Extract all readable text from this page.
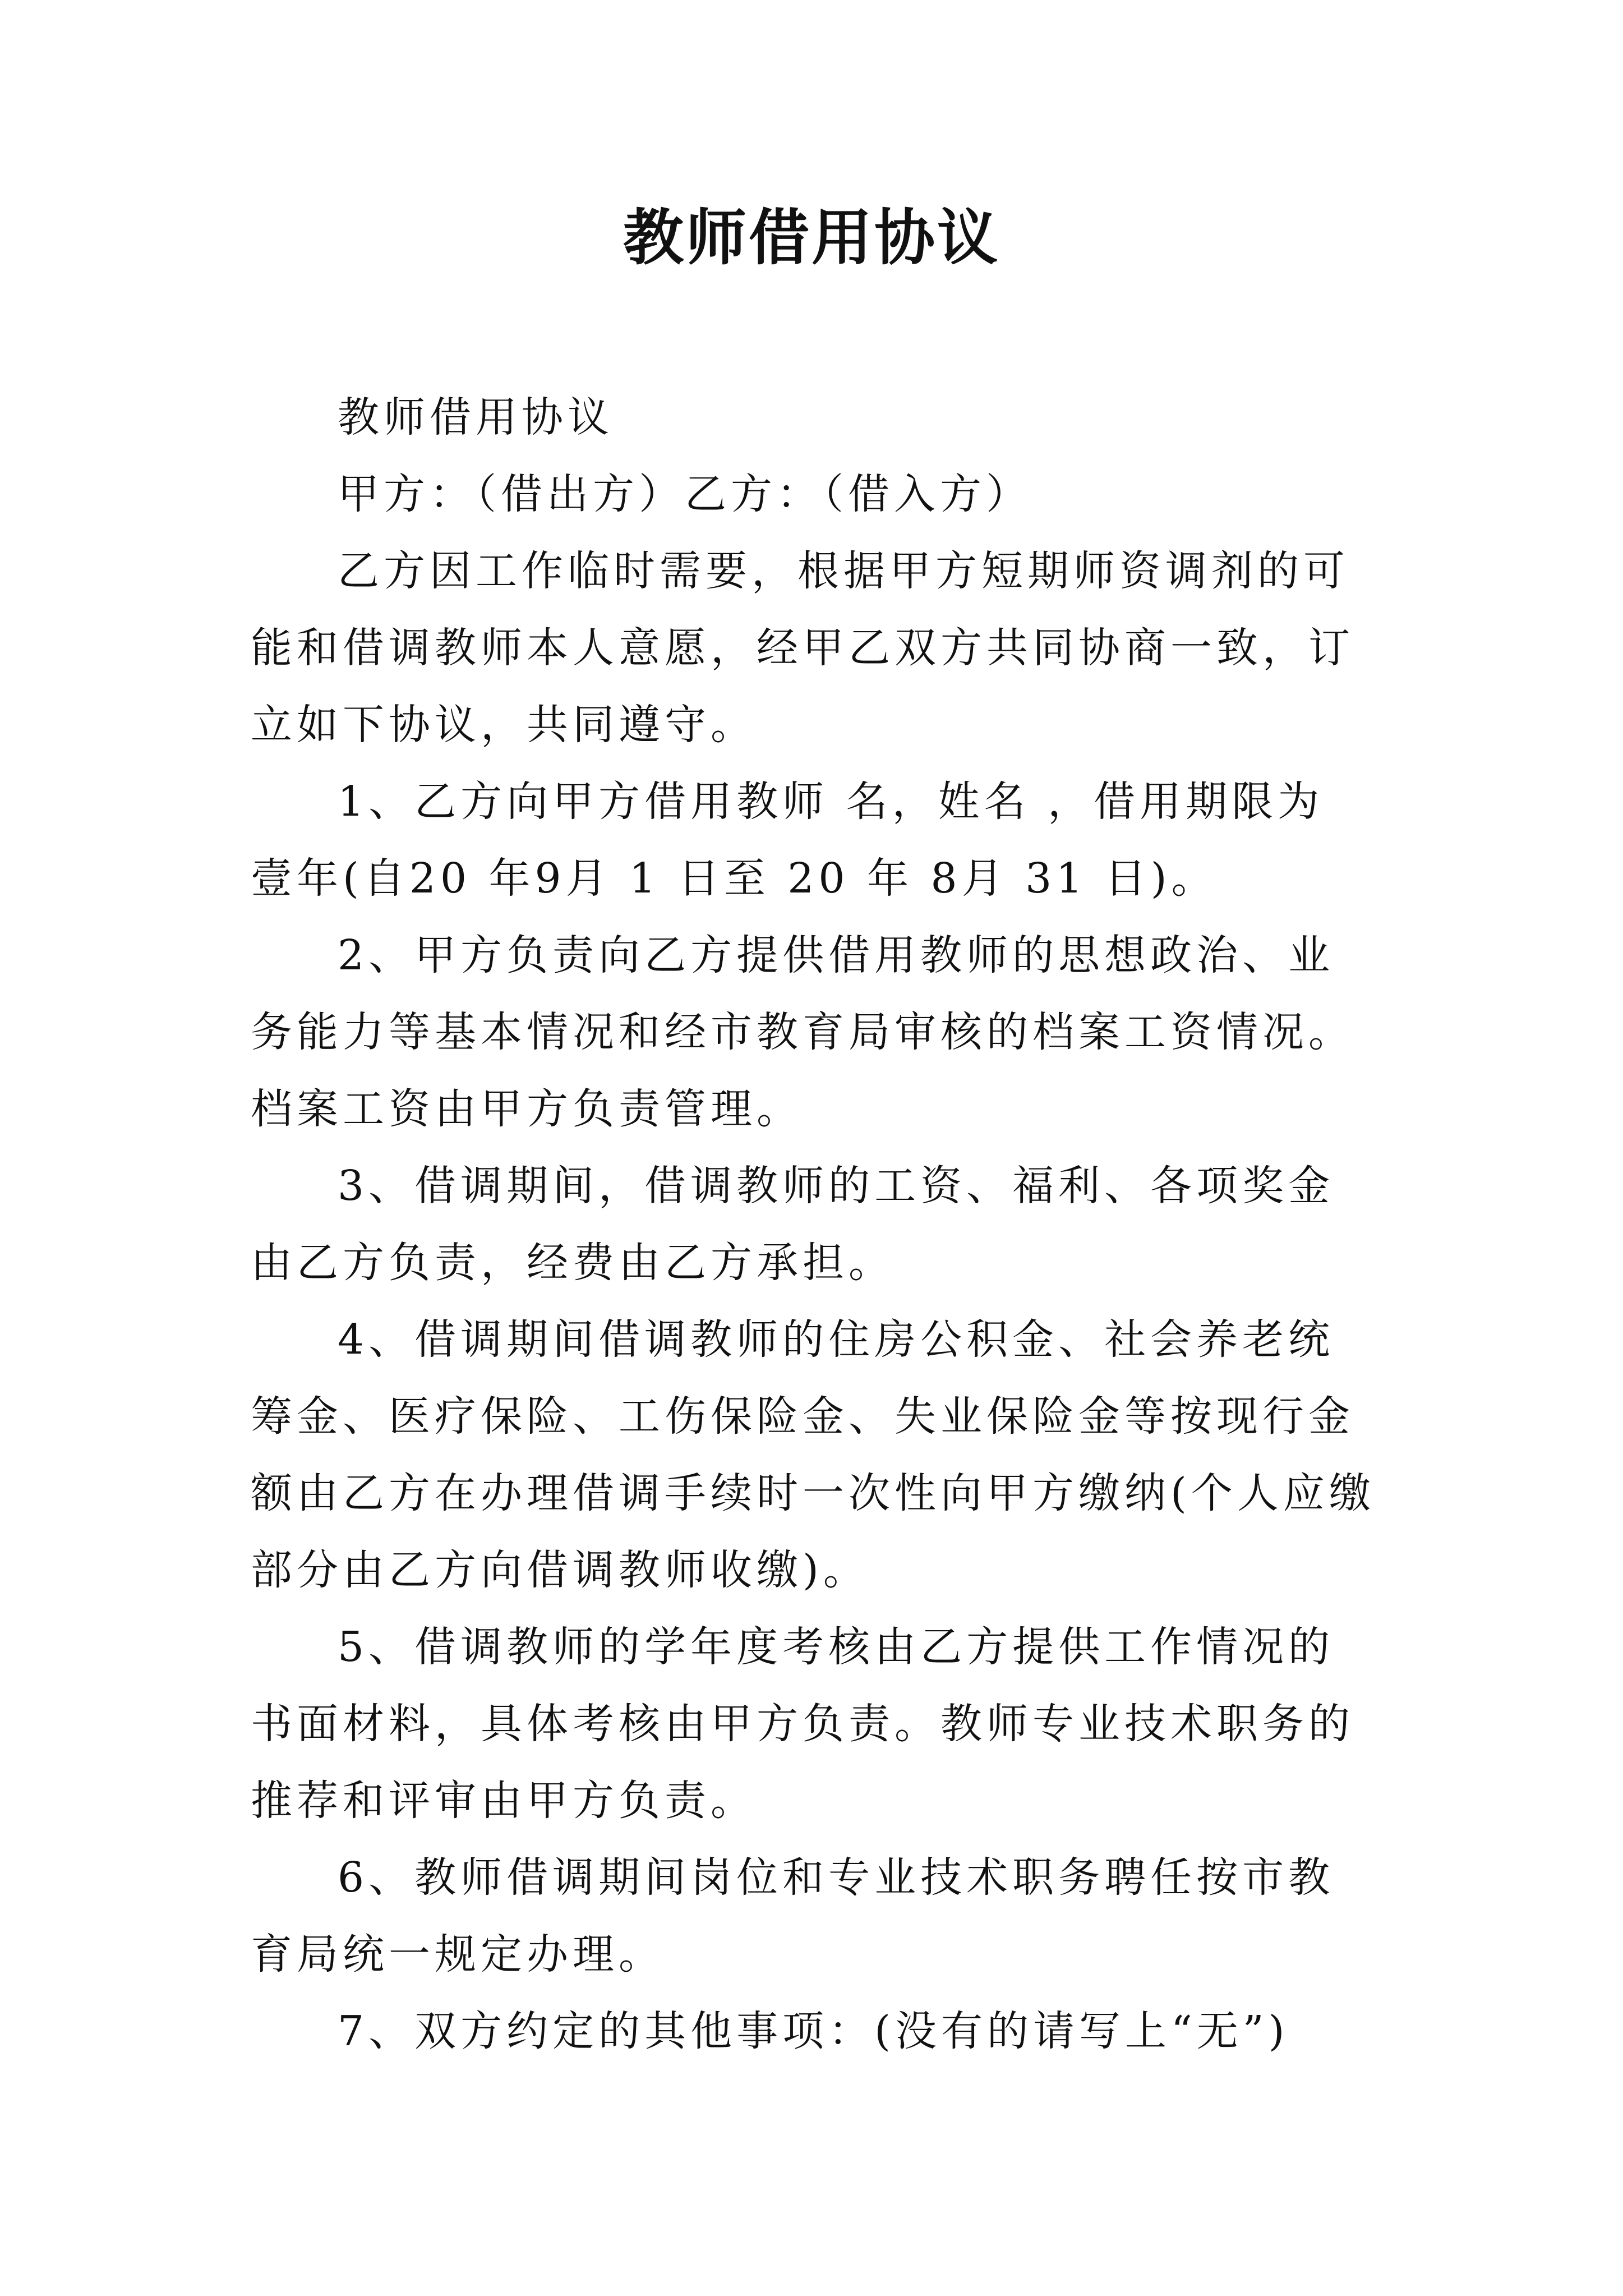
教师借用协议

教师借用协议

甲方：（借出方）乙方：（借入方）

乙方因工作临时需要，根据甲方短期师资调剂的可能和借调教师本人意愿，经甲乙双方共同协商一致，订立如下协议，共同遵守。

1、乙方向甲方借用教师 名，姓名 ，借用期限为 壹年(自20 年9月 1 日至 20 年 8月 31 日)。

2、甲方负责向乙方提供借用教师的思想政治、业务能力等基本情况和经市教育局审核的档案工资情况。档案工资由甲方负责管理。

3、借调期间，借调教师的工资、福利、各项奖金由乙方负责，经费由乙方承担。

4、借调期间借调教师的住房公积金、社会养老统筹金、医疗保险、工伤保险金、失业保险金等按现行金额由乙方在办理借调手续时一次性向甲方缴纳(个人应缴部分由乙方向借调教师收缴)。

5、借调教师的学年度考核由乙方提供工作情况的书面材料，具体考核由甲方负责。教师专业技术职务的推荐和评审由甲方负责。

6、教师借调期间岗位和专业技术职务聘任按市教育局统一规定办理。

7、双方约定的其他事项：(没有的请写上“无”)
